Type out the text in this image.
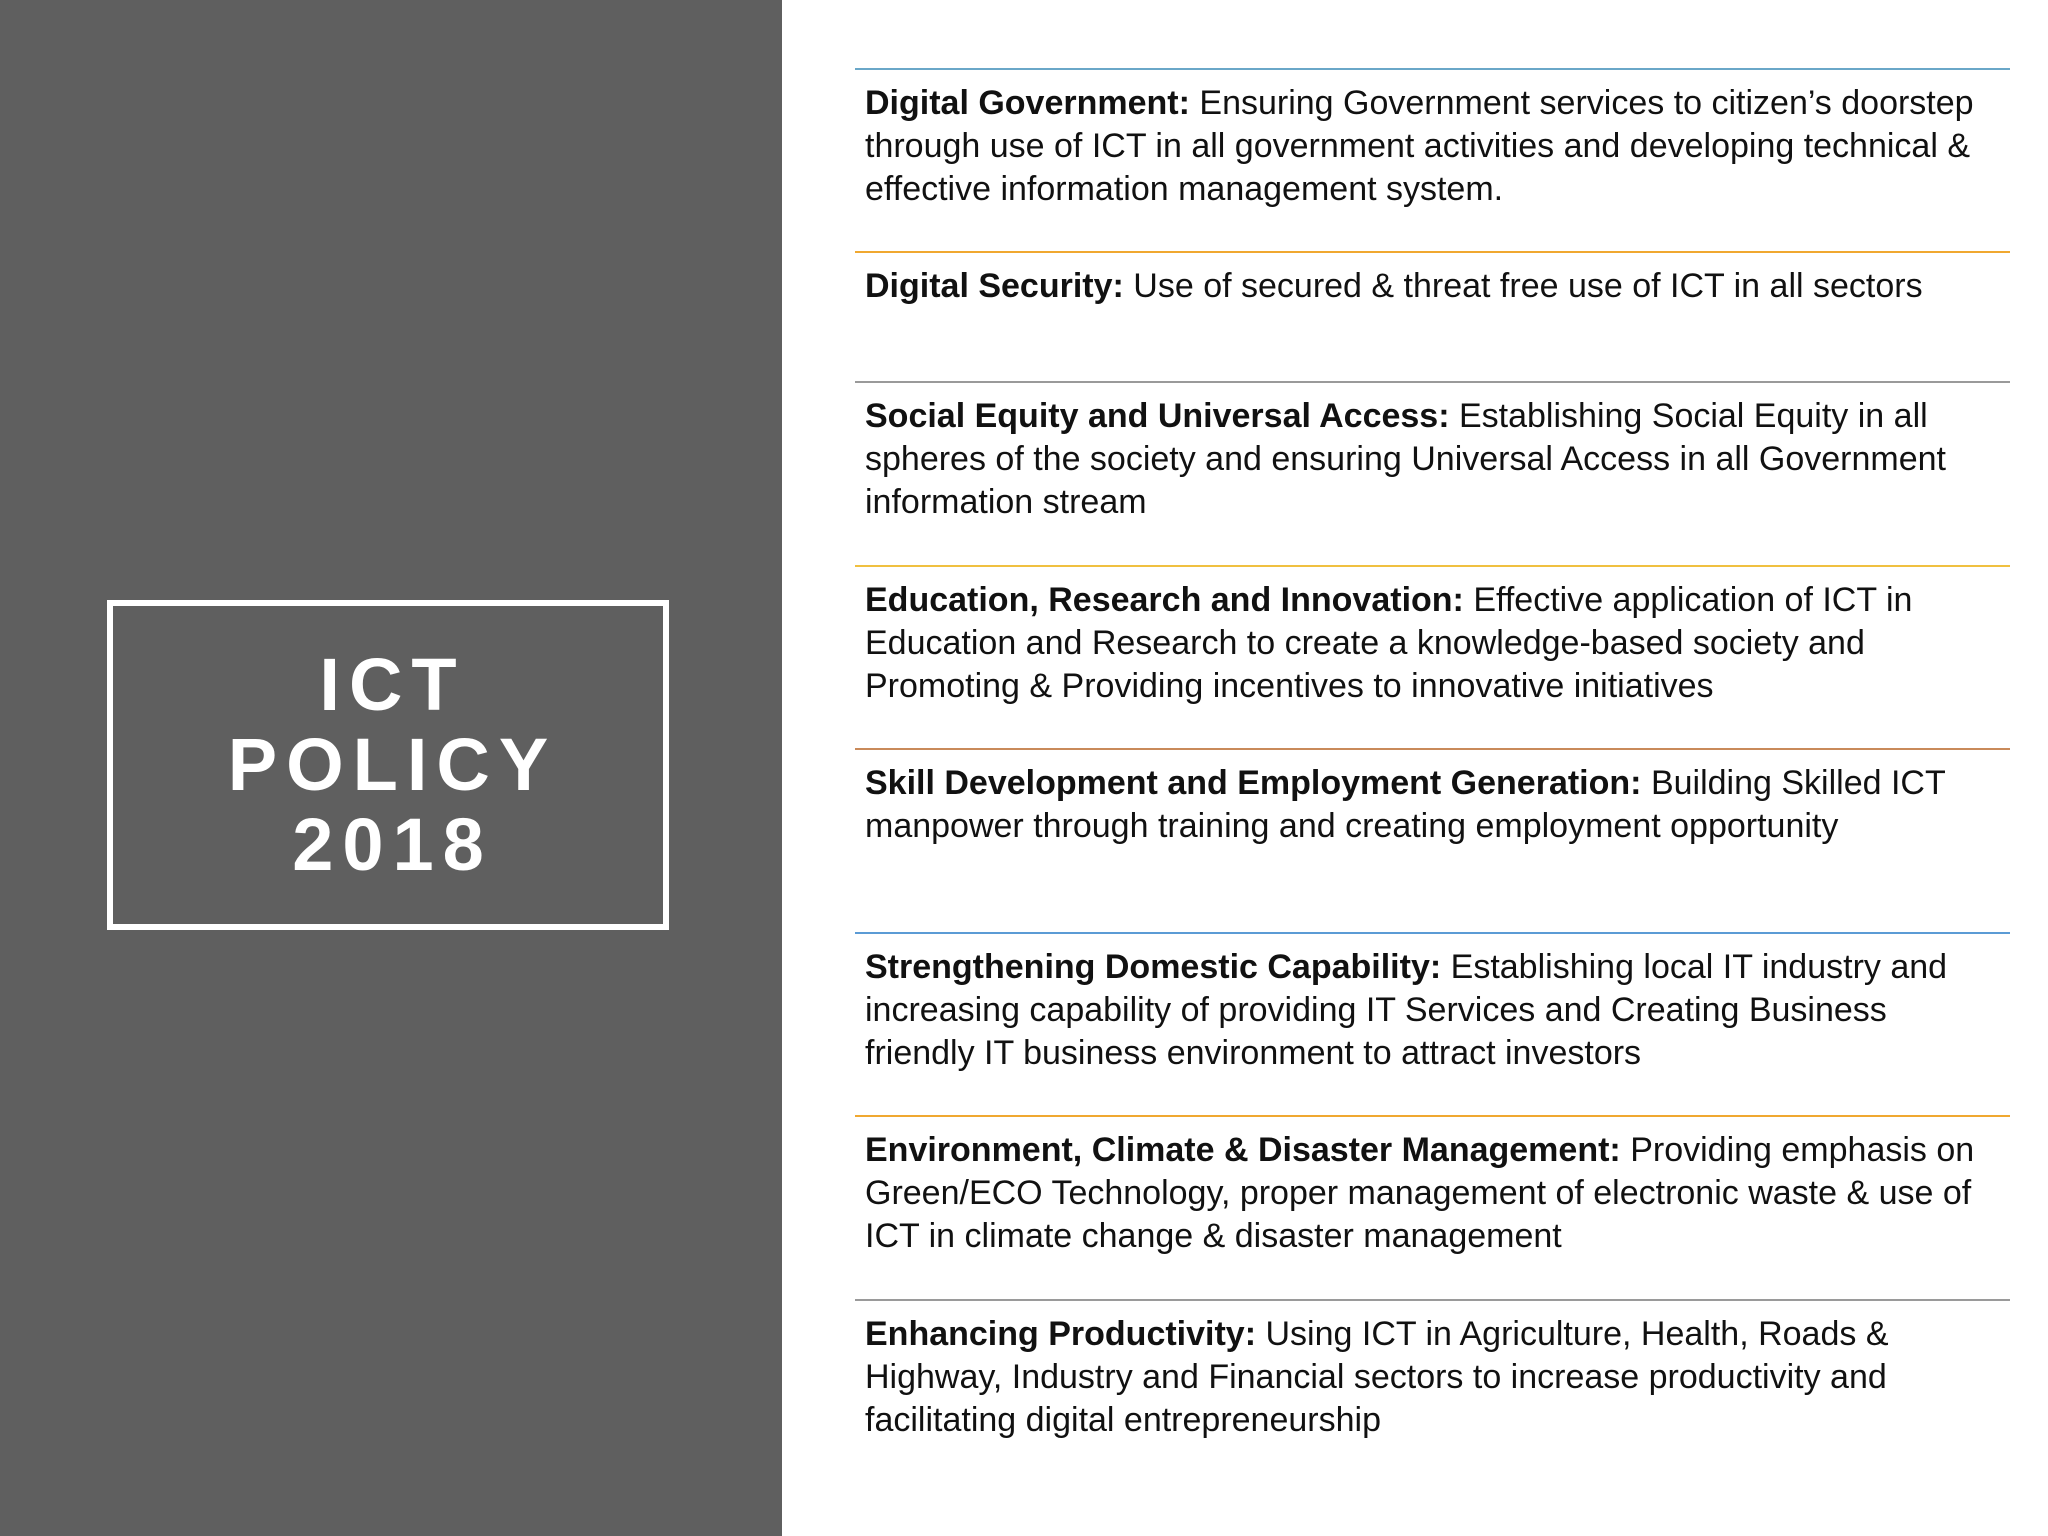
ICT
POLICY
2018
Digital Government: Ensuring Government services to citizen’s doorstep through use of ICT in all government activities and developing technical & effective information management system.
Digital Security: Use of secured & threat free use of ICT in all sectors
Social Equity and Universal Access: Establishing Social Equity in all spheres of the society and ensuring Universal Access in all Government information stream
Education, Research and Innovation: Effective application of ICT in Education and Research to create a knowledge-based society and Promoting & Providing incentives to innovative initiatives
Skill Development and Employment Generation: Building Skilled ICT manpower through training and creating employment opportunity
Strengthening Domestic Capability: Establishing local IT industry and increasing capability of providing IT Services and Creating Business friendly IT business environment to attract investors
Environment, Climate & Disaster Management: Providing emphasis on Green/ECO Technology, proper management of electronic waste & use of ICT in climate change & disaster management
Enhancing Productivity: Using ICT in Agriculture, Health, Roads & Highway, Industry and Financial sectors to increase productivity and facilitating digital entrepreneurship
